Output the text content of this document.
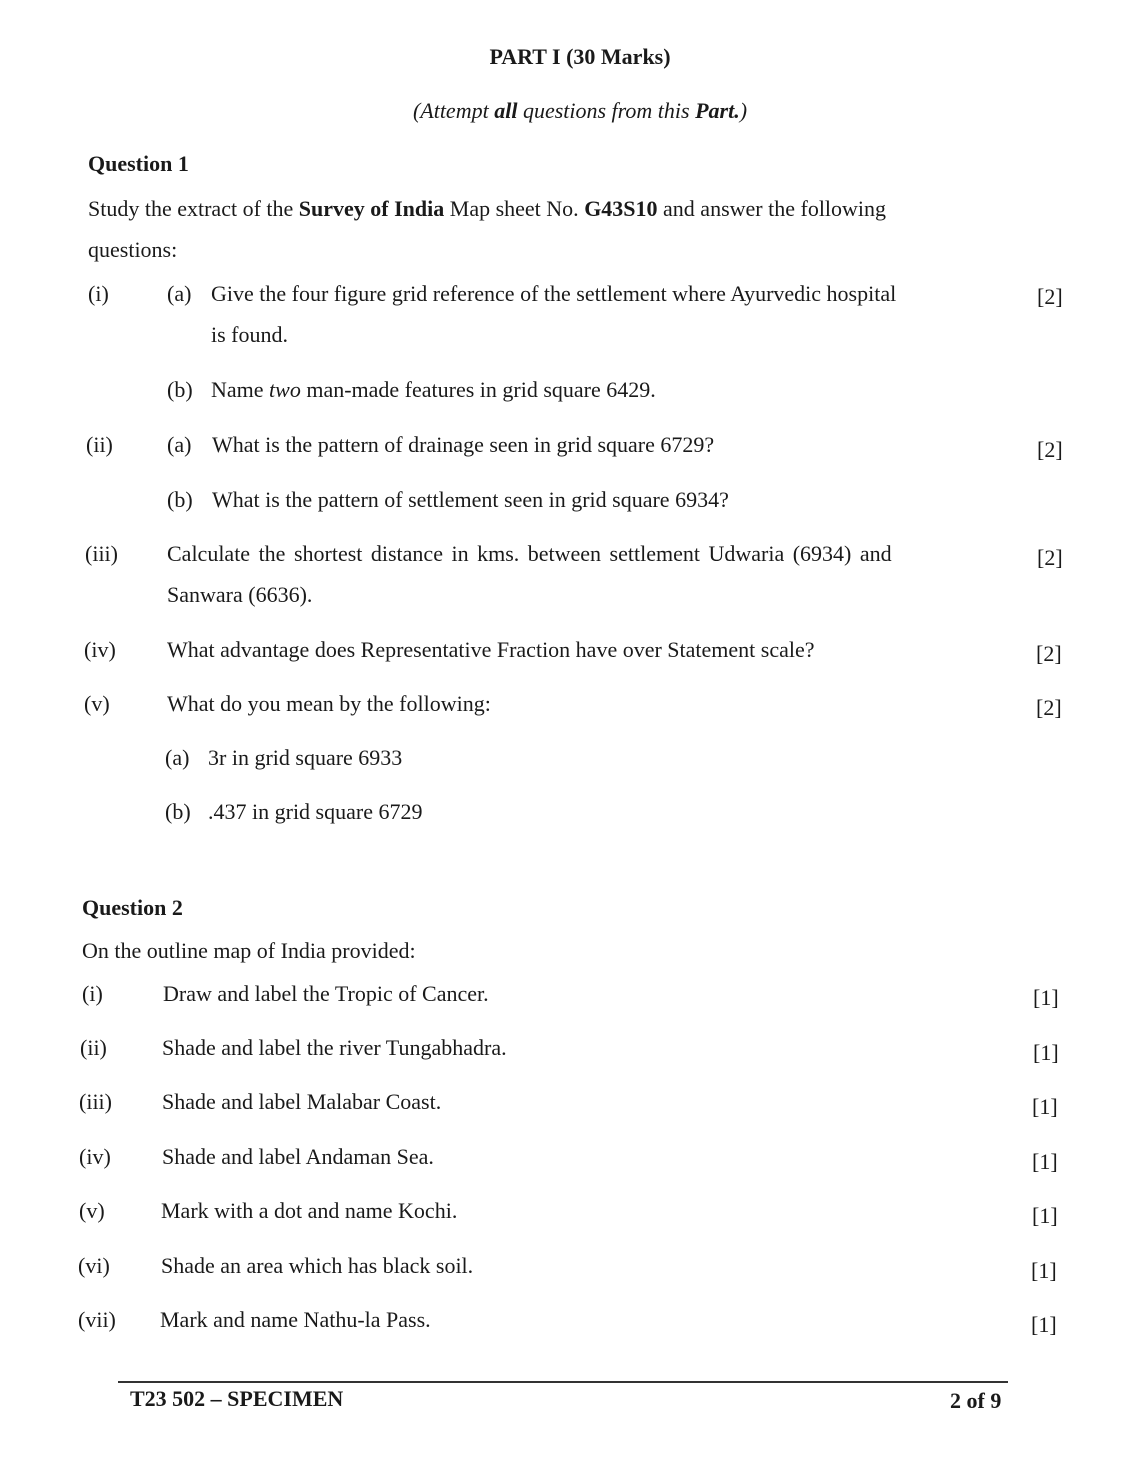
PART I (30 Marks)
(Attempt all questions from this Part.)
Question 1
Study the extract of the Survey of India Map sheet No. G43S10 and answer the following
questions:
(i)	(a) Give the four figure grid reference of the settlement where Ayurvedic hospital
is found.
[2]
(b) Name two man-made features in grid square 6429.
(ii) (a) What is the pattern of drainage seen in grid square 6729?	[2]
(b) What is the pattern of settlement seen in grid square 6934?
(iii) Calculate the shortest distance in kms. between settlement Udwaria (6934) and
Sanwara (6636).
[2]
(iv) What advantage does Representative Fraction have over Statement scale?	[2]
(v)	What do you mean by the following:	[2]
(a) 3r in grid square 6933
(b) .437 in grid square 6729
Question 2
On the outline map of India provided:
(i)	Draw and label the Tropic of Cancer.	[1]
(ii)	Shade and label the river Tungabhadra.	[1]
(iii) Shade and label Malabar Coast.	[1]
(iv) Shade and label Andaman Sea.	[1]
(v)	Mark with a dot and name Kochi.	[1]
(vi) Shade an area which has black soil.	[1]
(vii) Mark and name Nathu-la Pass.	[1]
T23 502 – SPECIMEN	2 of 9
